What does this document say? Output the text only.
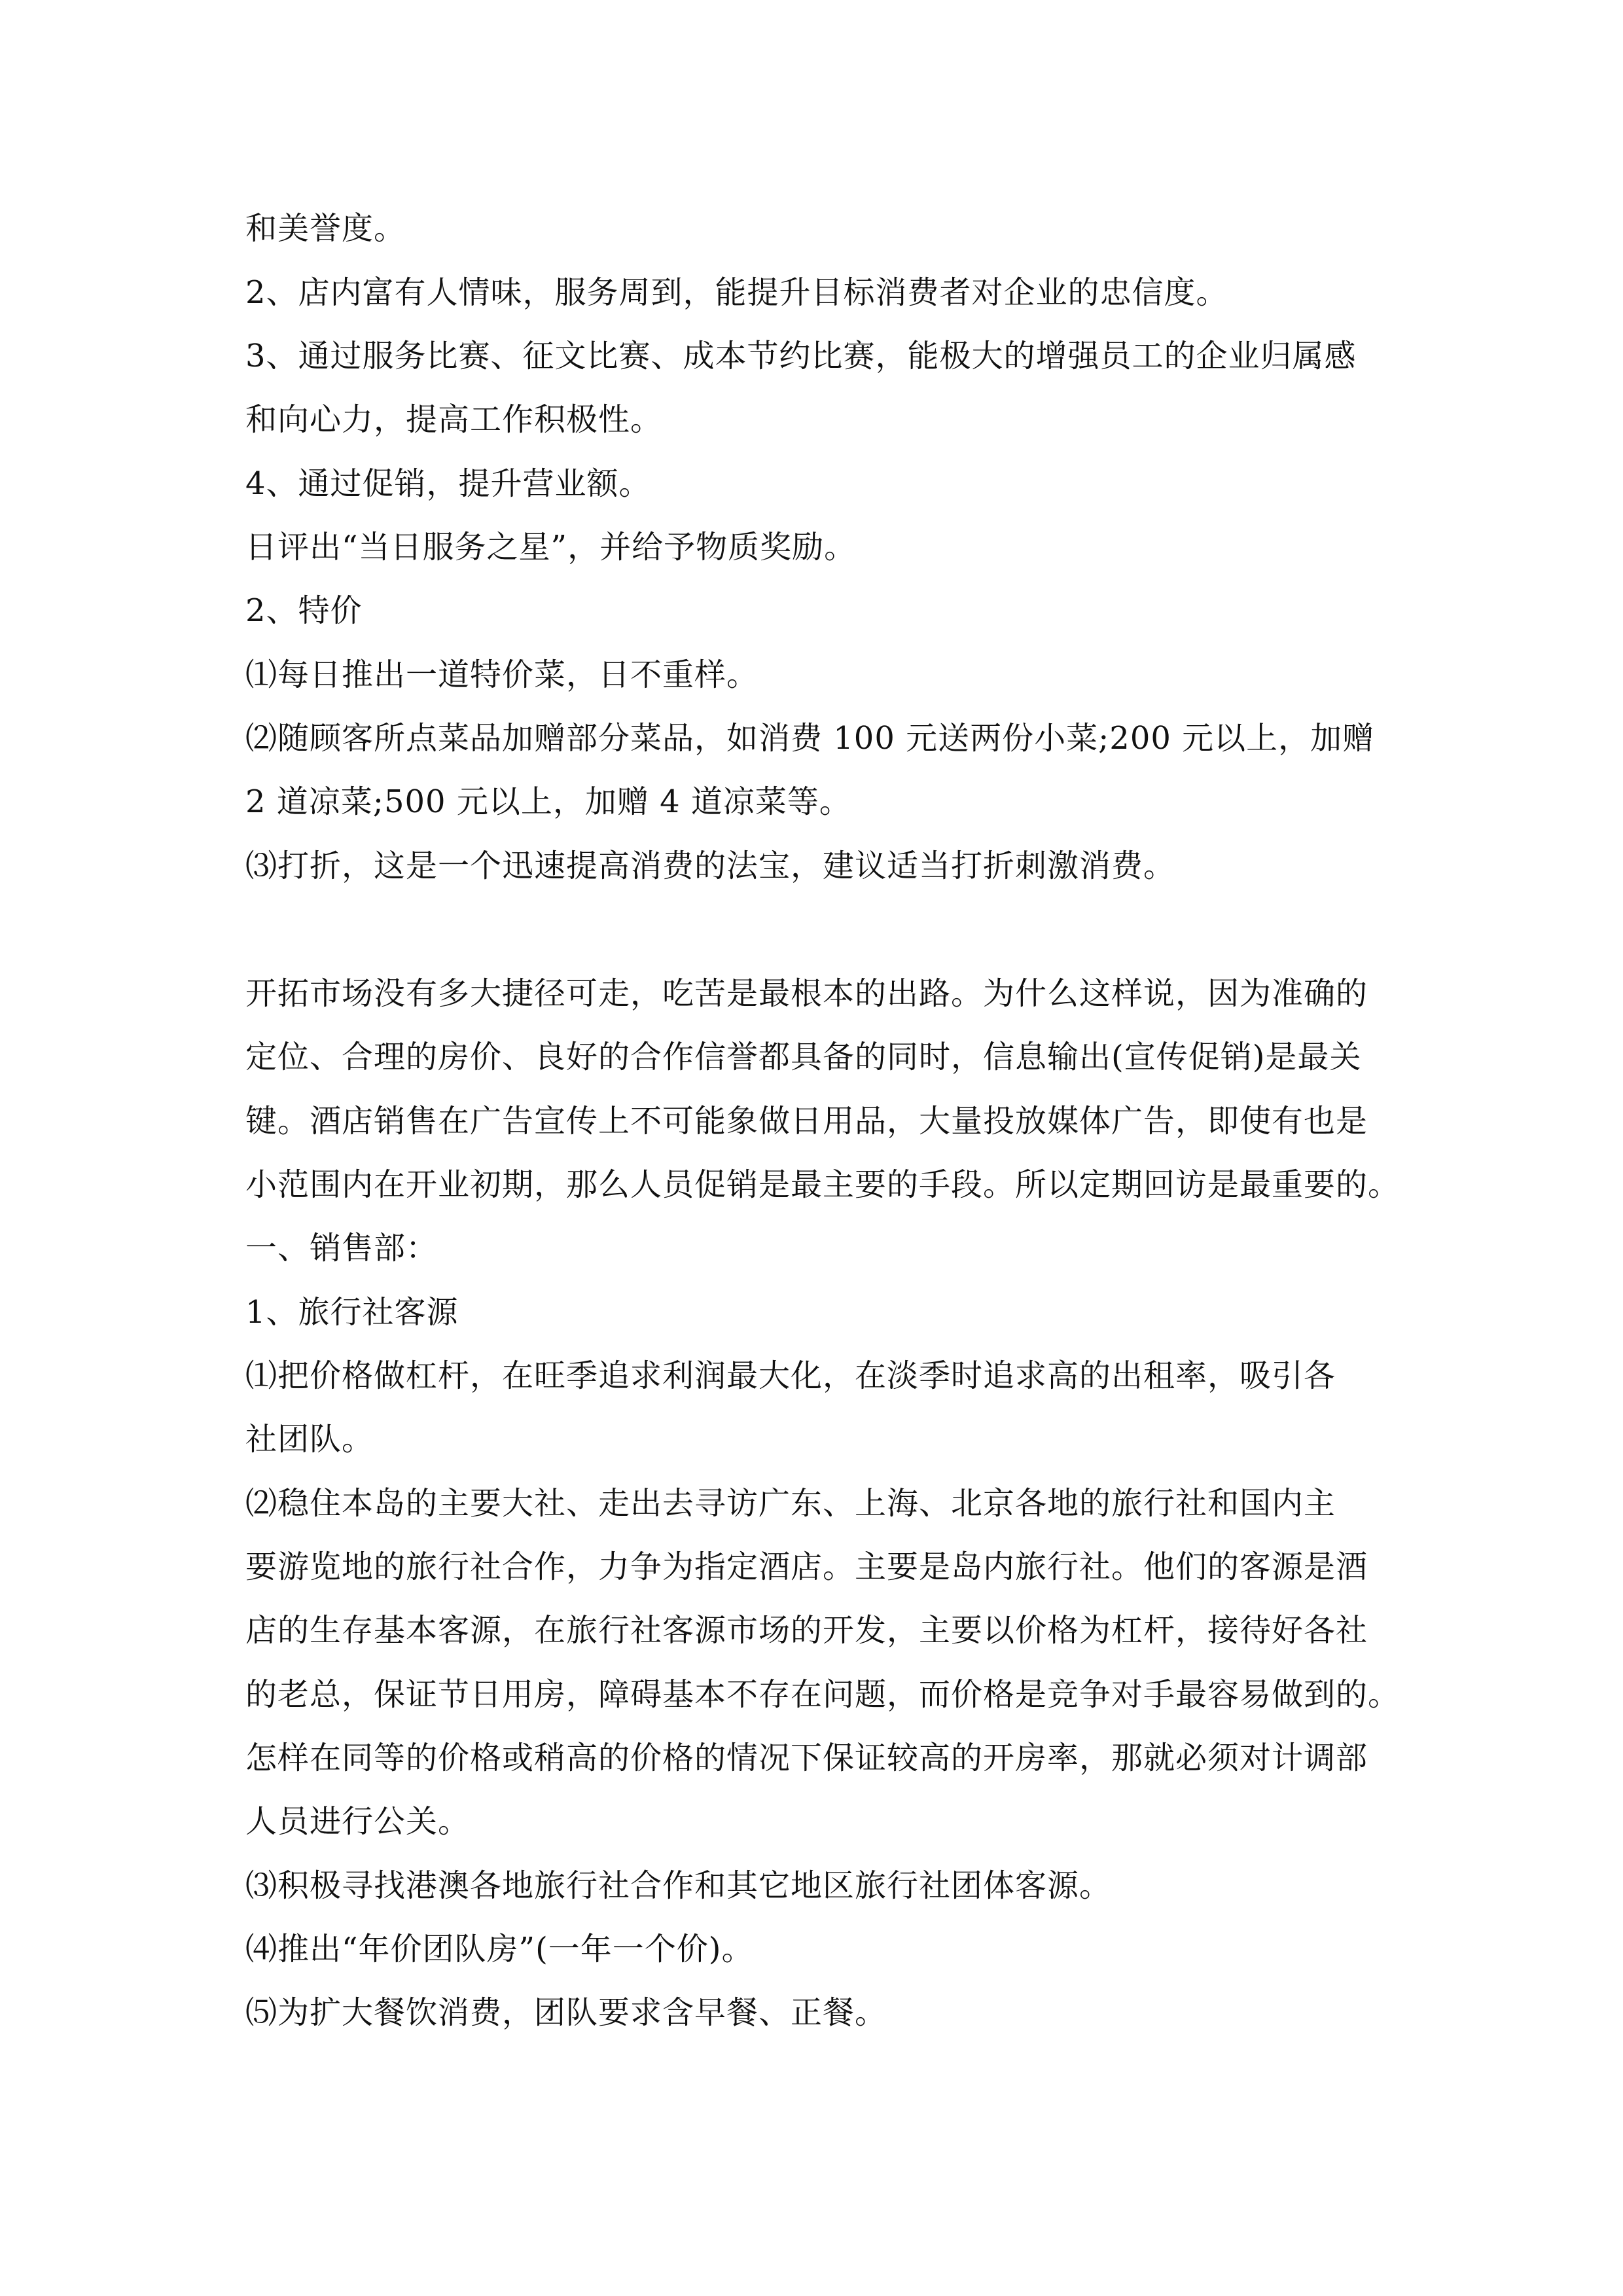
和美誉度。

2、店内富有人情味，服务周到，能提升目标消费者对企业的忠信度。

3、通过服务比赛、征文比赛、成本节约比赛，能极大的增强员工的企业归属感

和向心力，提高工作积极性。

4、通过促销，提升营业额。

日评出“当日服务之星”，并给予物质奖励。

2、特价

⑴每日推出一道特价菜，日不重样。

⑵随顾客所点菜品加赠部分菜品，如消费 100 元送两份小菜;200 元以上，加赠

2 道凉菜;500 元以上，加赠 4 道凉菜等。

⑶打折，这是一个迅速提高消费的法宝，建议适当打折刺激消费。

开拓市场没有多大捷径可走，吃苦是最根本的出路。为什么这样说，因为准确的

定位、合理的房价、良好的合作信誉都具备的同时，信息输出(宣传促销)是最关

键。酒店销售在广告宣传上不可能象做日用品，大量投放媒体广告，即使有也是

小范围内在开业初期，那么人员促销是最主要的手段。所以定期回访是最重要的。

一、销售部：

1、旅行社客源

⑴把价格做杠杆，在旺季追求利润最大化，在淡季时追求高的出租率，吸引各

社团队。

⑵稳住本岛的主要大社、走出去寻访广东、上海、北京各地的旅行社和国内主

要游览地的旅行社合作，力争为指定酒店。主要是岛内旅行社。他们的客源是酒

店的生存基本客源，在旅行社客源市场的开发，主要以价格为杠杆，接待好各社

的老总，保证节日用房，障碍基本不存在问题，而价格是竞争对手最容易做到的。

怎样在同等的价格或稍高的价格的情况下保证较高的开房率，那就必须对计调部

人员进行公关。

⑶积极寻找港澳各地旅行社合作和其它地区旅行社团体客源。

⑷推出“年价团队房”(一年一个价)。

⑸为扩大餐饮消费，团队要求含早餐、正餐。
